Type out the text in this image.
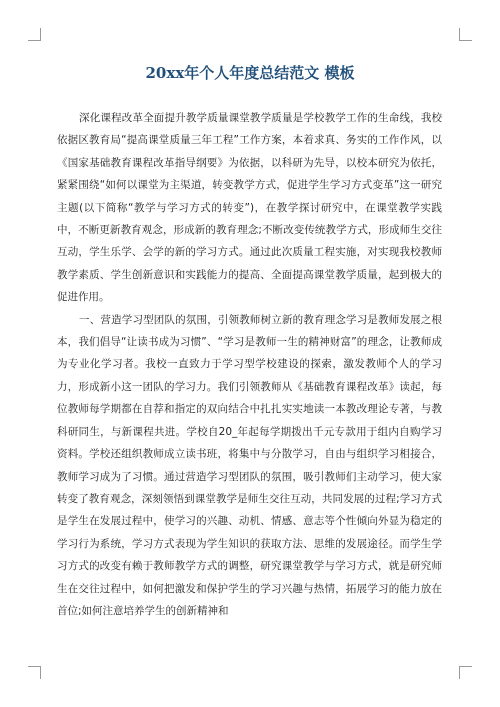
20xx年个人年度总结范文 模板

深化课程改革全面提升教学质量课堂教学质量是学校教学工作的生命线，我校依据区教育局“提高课堂质量三年工程”工作方案，本着求真、务实的工作作风，以《国家基础教育课程改革指导纲要》为依据，以科研为先导，以校本研究为依托，紧紧围绕“如何以课堂为主渠道，转变教学方式，促进学生学习方式变革”这一研究主题(以下简称“教学与学习方式的转变”)，在教学探讨研究中，在课堂教学实践中，不断更新教育观念，形成新的教育理念;不断改变传统教学方式，形成师生交往互动，学生乐学、会学的新的学习方式。通过此次质量工程实施，对实现我校教师教学素质、学生创新意识和实践能力的提高、全面提高课堂教学质量，起到极大的促进作用。

一、营造学习型团队的氛围，引领教师树立新的教育理念学习是教师发展之根本，我们倡导“让读书成为习惯”、“学习是教师一生的精神财富”的理念，让教师成为专业化学习者。我校一直致力于学习型学校建设的探索，激发教师个人的学习力，形成新小这一团队的学习力。我们引领教师从《基础教育课程改革》读起，每位教师每学期都在自荐和指定的双向结合中扎扎实实地读一本教改理论专著，与教科研同生，与新课程共进。学校自20_年起每学期拨出千元专款用于组内自购学习资料。学校还组织教师成立读书班，将集中与分散学习，自由与组织学习相接合，教师学习成为了习惯。通过营造学习型团队的氛围，吸引教师们主动学习，使大家转变了教育观念，深刻领悟到课堂教学是师生交往互动，共同发展的过程;学习方式是学生在发展过程中，使学习的兴趣、动机、情感、意志等个性倾向外显为稳定的学习行为系统，学习方式表现为学生知识的获取方法、思维的发展途径。而学生学习方式的改变有赖于教师教学方式的调整，研究课堂教学与学习方式，就是研究师生在交往过程中，如何把激发和保护学生的学习兴趣与热情，拓展学习的能力放在首位;如何注意培养学生的创新精神和
